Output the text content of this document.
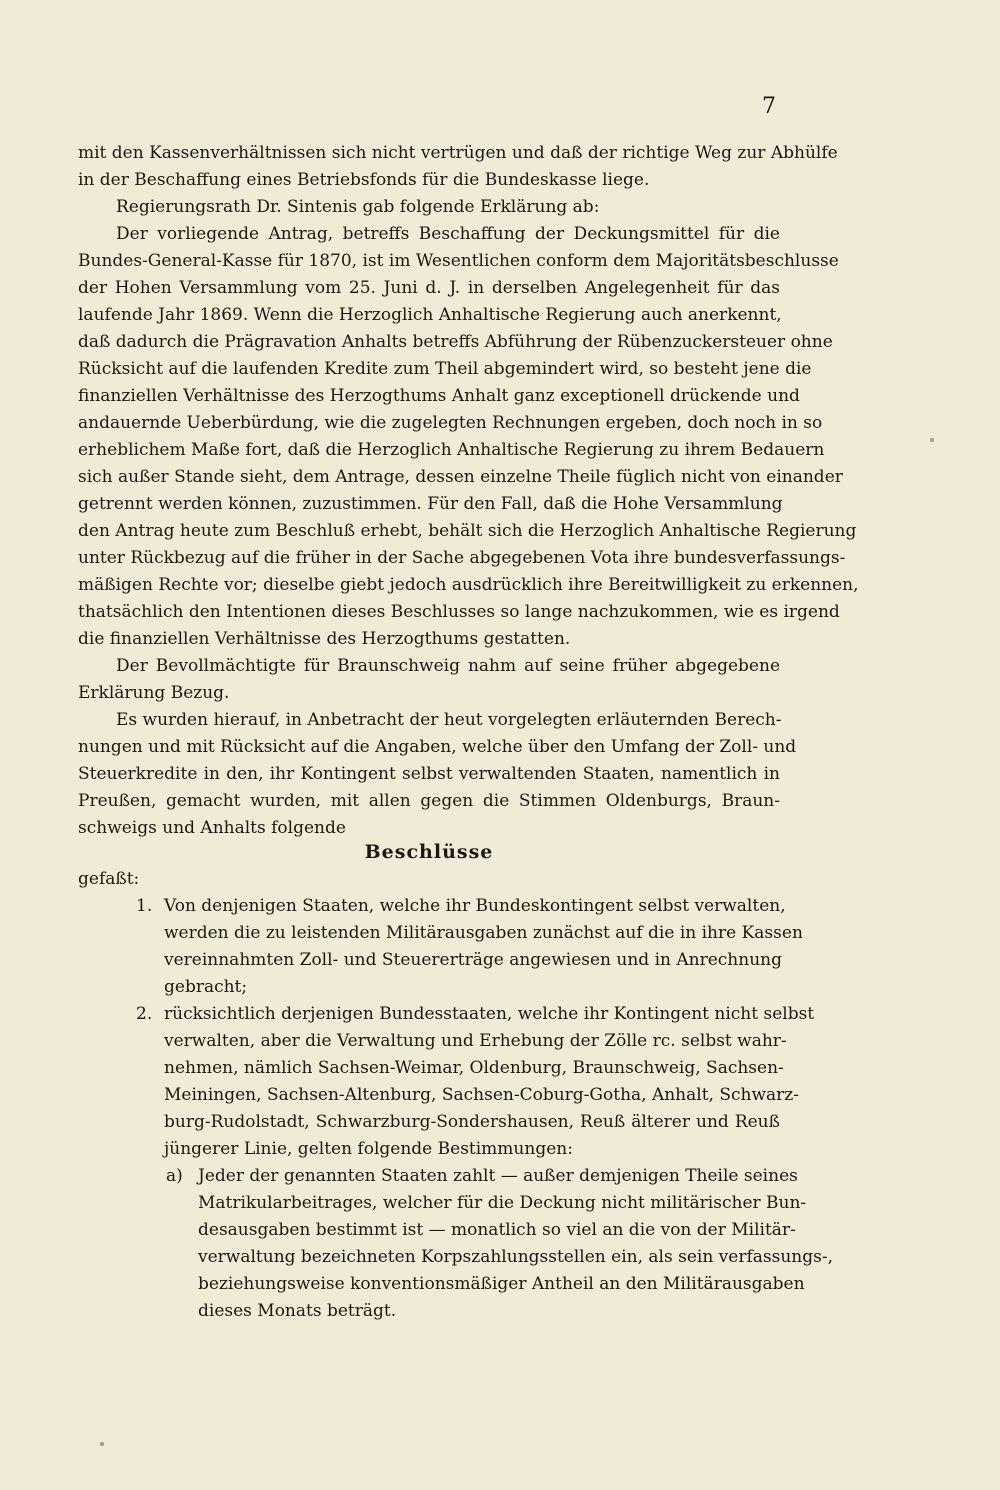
7
mit den Kassenverhältnissen sich nicht vertrügen und daß der richtige Weg zur Abhülfe
in der Beschaffung eines Betriebsfonds für die Bundeskasse liege.
Regierungsrath Dr. Sintenis gab folgende Erklärung ab:
Der vorliegende Antrag, betreffs Beschaffung der Deckungsmittel für die
Bundes-General-Kasse für 1870, ist im Wesentlichen conform dem Majoritätsbeschlusse
der Hohen Versammlung vom 25. Juni d. J. in derselben Angelegenheit für das
laufende Jahr 1869. Wenn die Herzoglich Anhaltische Regierung auch anerkennt,
daß dadurch die Prägravation Anhalts betreffs Abführung der Rübenzuckersteuer ohne
Rücksicht auf die laufenden Kredite zum Theil abgemindert wird, so besteht jene die
finanziellen Verhältnisse des Herzogthums Anhalt ganz exceptionell drückende und
andauernde Ueberbürdung, wie die zugelegten Rechnungen ergeben, doch noch in so
erheblichem Maße fort, daß die Herzoglich Anhaltische Regierung zu ihrem Bedauern
sich außer Stande sieht, dem Antrage, dessen einzelne Theile füglich nicht von einander
getrennt werden können, zuzustimmen. Für den Fall, daß die Hohe Versammlung
den Antrag heute zum Beschluß erhebt, behält sich die Herzoglich Anhaltische Regierung
unter Rückbezug auf die früher in der Sache abgegebenen Vota ihre bundesverfassungs-
mäßigen Rechte vor; dieselbe giebt jedoch ausdrücklich ihre Bereitwilligkeit zu erkennen,
thatsächlich den Intentionen dieses Beschlusses so lange nachzukommen, wie es irgend
die finanziellen Verhältnisse des Herzogthums gestatten.
Der Bevollmächtigte für Braunschweig nahm auf seine früher abgegebene
Erklärung Bezug.
Es wurden hierauf, in Anbetracht der heut vorgelegten erläuternden Berech-
nungen und mit Rücksicht auf die Angaben, welche über den Umfang der Zoll- und
Steuerkredite in den, ihr Kontingent selbst verwaltenden Staaten, namentlich in
Preußen, gemacht wurden, mit allen gegen die Stimmen Oldenburgs, Braun-
schweigs und Anhalts folgende
gefaßt:
Von denjenigen Staaten, welche ihr Bundeskontingent selbst verwalten,
werden die zu leistenden Militärausgaben zunächst auf die in ihre Kassen
vereinnahmten Zoll- und Steuererträge angewiesen und in Anrechnung
gebracht;
rücksichtlich derjenigen Bundesstaaten, welche ihr Kontingent nicht selbst
verwalten, aber die Verwaltung und Erhebung der Zölle rc. selbst wahr-
nehmen, nämlich Sachsen-Weimar, Oldenburg, Braunschweig, Sachsen-
Meiningen, Sachsen-Altenburg, Sachsen-Coburg-Gotha, Anhalt, Schwarz-
burg-Rudolstadt, Schwarzburg-Sondershausen, Reuß älterer und Reuß
jüngerer Linie, gelten folgende Bestimmungen:
Jeder der genannten Staaten zahlt — außer demjenigen Theile seines
Matrikularbeitrages, welcher für die Deckung nicht militärischer Bun-
desausgaben bestimmt ist — monatlich so viel an die von der Militär-
verwaltung bezeichneten Korpszahlungsstellen ein, als sein verfassungs-,
beziehungsweise konventionsmäßiger Antheil an den Militärausgaben
dieses Monats beträgt.
Beschlüsse
1.
2.
a)
